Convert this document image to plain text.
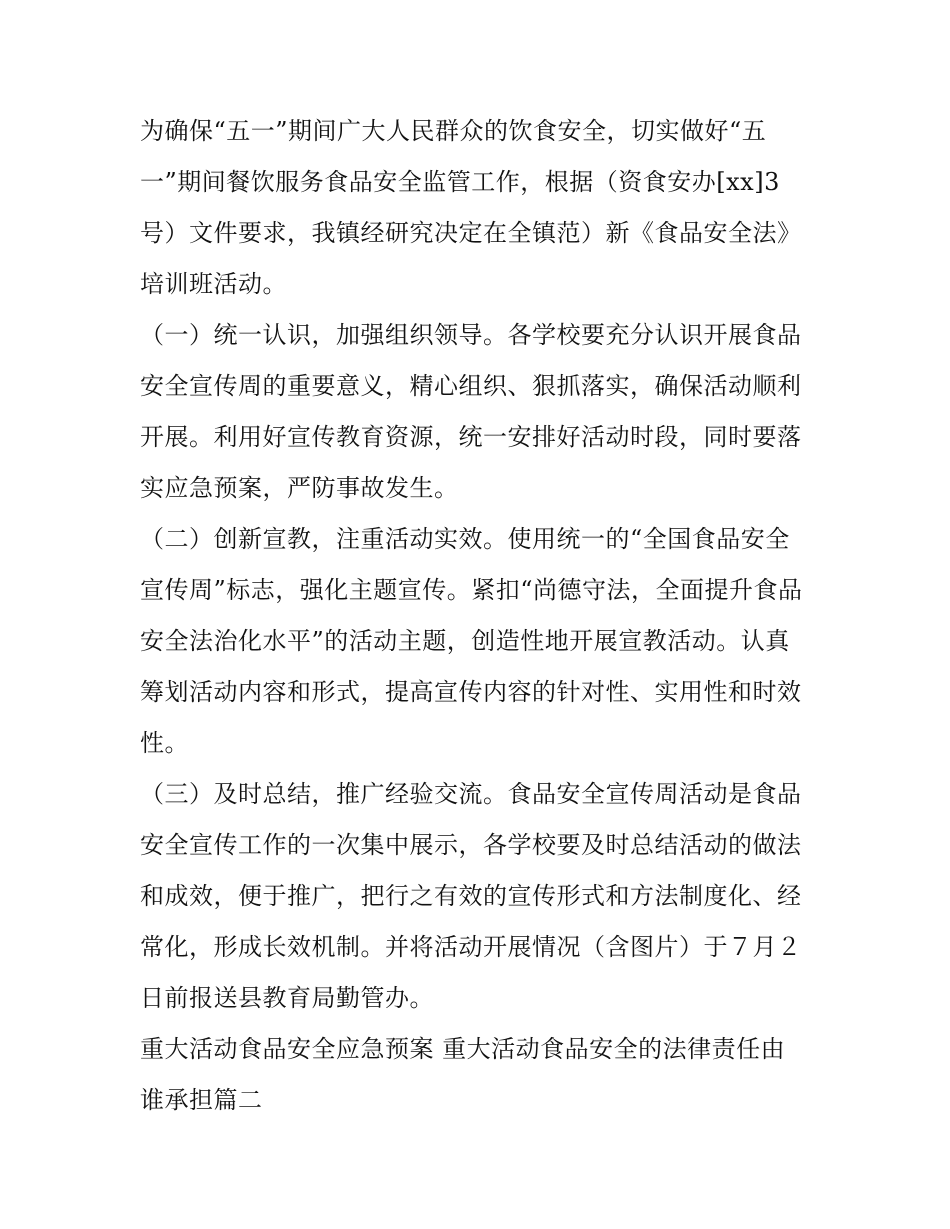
为确保“五一”期间广大人民群众的饮食安全，切实做好“五
一”期间餐饮服务食品安全监管工作，根据（资食安办[xx]3
号）文件要求，我镇经研究决定在全镇范）新《食品安全法》
培训班活动。
（一）统一认识，加强组织领导。各学校要充分认识开展食品
安全宣传周的重要意义，精心组织、狠抓落实，确保活动顺利
开展。利用好宣传教育资源，统一安排好活动时段，同时要落
实应急预案，严防事故发生。
（二）创新宣教，注重活动实效。使用统一的“全国食品安全
宣传周”标志，强化主题宣传。紧扣“尚德守法，全面提升食品
安全法治化水平”的活动主题，创造性地开展宣教活动。认真
筹划活动内容和形式，提高宣传内容的针对性、实用性和时效
性。
（三）及时总结，推广经验交流。食品安全宣传周活动是食品
安全宣传工作的一次集中展示，各学校要及时总结活动的做法
和成效，便于推广，把行之有效的宣传形式和方法制度化、经
常化，形成长效机制。并将活动开展情况（含图片）于７月２
日前报送县教育局勤管办。
重大活动食品安全应急预案 重大活动食品安全的法律责任由
谁承担篇二
